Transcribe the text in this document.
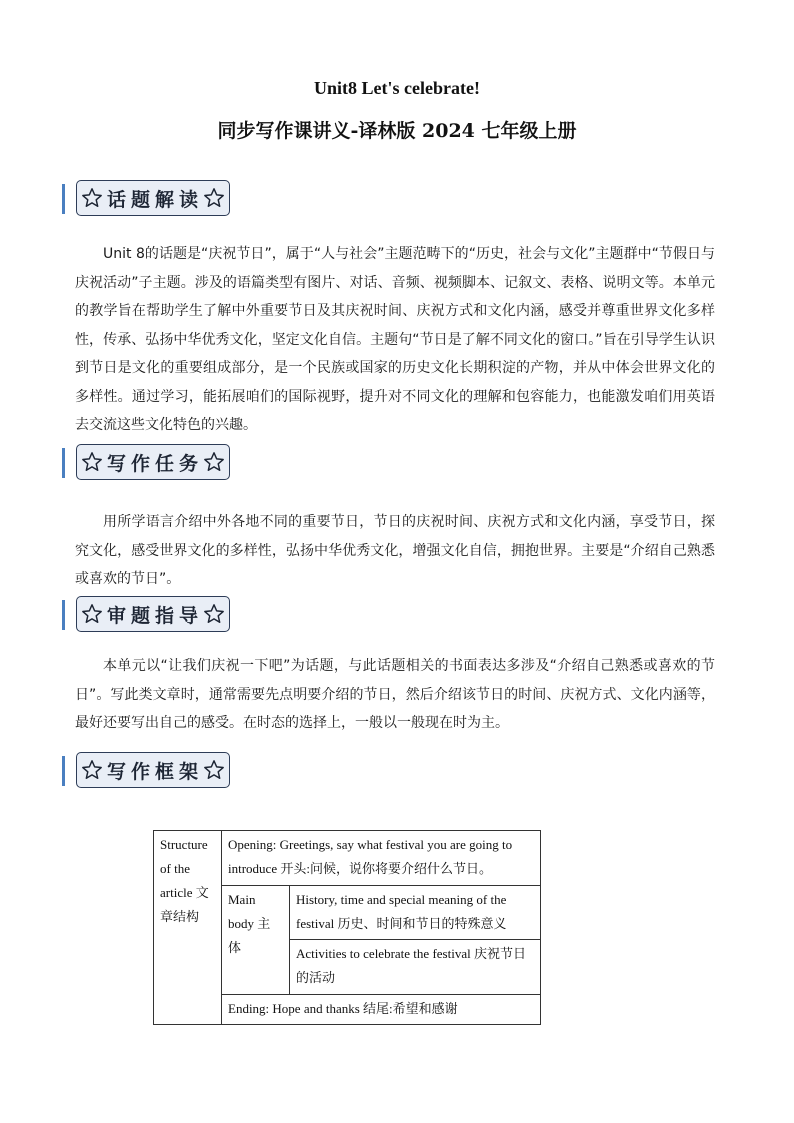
Unit8 Let's celebrate!
同步写作课讲义-译林版 2024 七年级上册
话题解读
Unit 8的话题是“庆祝节日”，属于“人与社会”主题范畴下的“历史，社会与文化”主题群中“节假日与庆祝活动”子主题。涉及的语篇类型有图片、对话、音频、视频脚本、记叙文、表格、说明文等。本单元的教学旨在帮助学生了解中外重要节日及其庆祝时间、庆祝方式和文化内涵，感受并尊重世界文化多样性，传承、弘扬中华优秀文化，坚定文化自信。主题句“节日是了解不同文化的窗口。”旨在引导学生认识到节日是文化的重要组成部分，是一个民族或国家的历史文化长期积淀的产物，并从中体会世界文化的多样性。通过学习，能拓展咱们的国际视野，提升对不同文化的理解和包容能力，也能激发咱们用英语去交流这些文化特色的兴趣。
写作任务
用所学语言介绍中外各地不同的重要节日，节日的庆祝时间、庆祝方式和文化内涵，享受节日，探究文化，感受世界文化的多样性，弘扬中华优秀文化，增强文化自信，拥抱世界。主要是“介绍自己熟悉或喜欢的节日”。
审题指导
本单元以“让我们庆祝一下吧”为话题，与此话题相关的书面表达多涉及“介绍自己熟悉或喜欢的节日”。写此类文章时，通常需要先点明要介绍的节日，然后介绍该节日的时间、庆祝方式、文化内涵等，最好还要写出自己的感受。在时态的选择上，一般以一般现在时为主。
写作框架
Structure of the article 文章结构	Opening: Greetings, say what festival you are going to introduce 开头:问候，说你将要介绍什么节日。	
	Main body 主体	History, time and special meaning of the festival 历史、时间和节日的特殊意义
		Activities to celebrate the festival 庆祝节日的活动
	Ending: Hope and thanks 结尾:希望和感谢	
